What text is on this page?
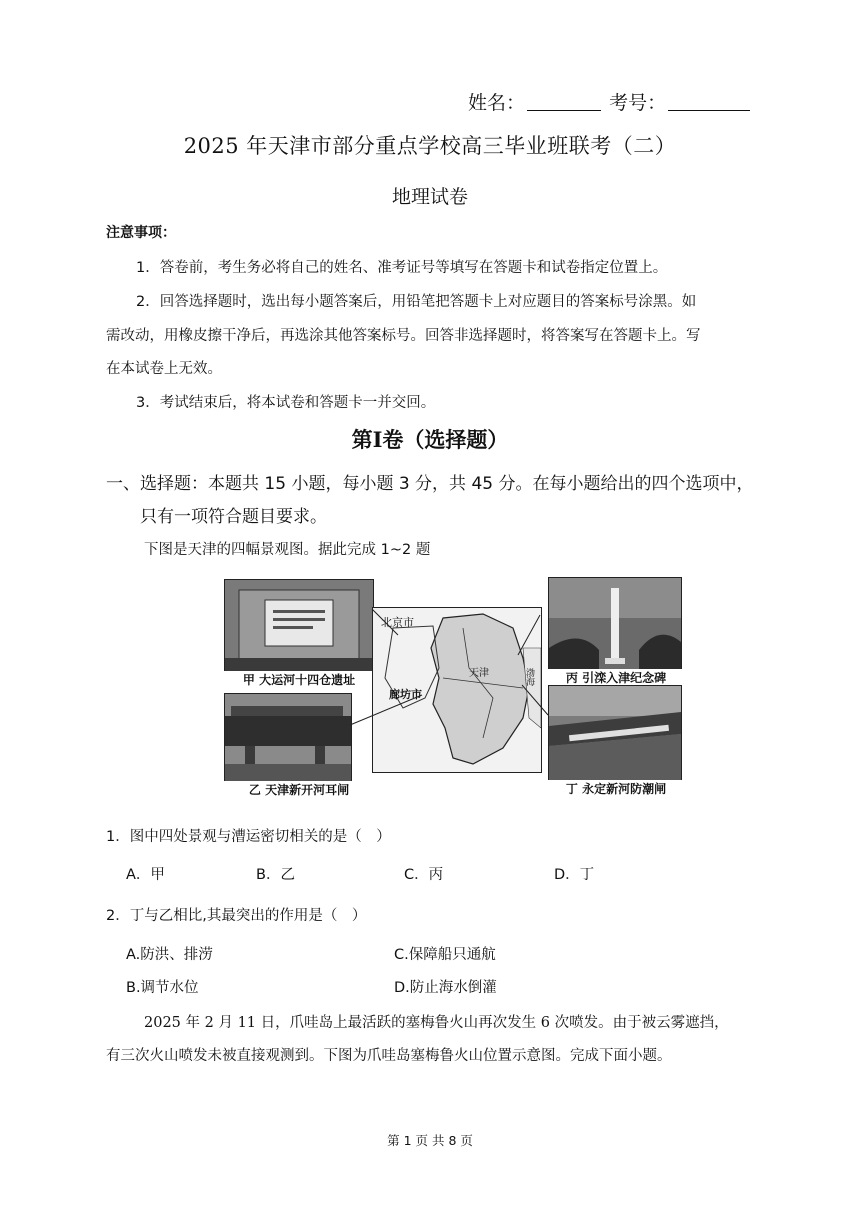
姓名：	考号：
2025 年天津市部分重点学校高三毕业班联考（二）
地理试卷
注意事项：
1．答卷前，考生务必将自己的姓名、准考证号等填写在答题卡和试卷指定位置上。
2．回答选择题时，选出每小题答案后，用铅笔把答题卡上对应题目的答案标号涂黑。如
需改动，用橡皮擦干净后，再选涂其他答案标号。回答非选择题时，将答案写在答题卡上。写
在本试卷上无效。
3．考试结束后，将本试卷和答题卡一并交回。
第Ⅰ卷（选择题）
一、选择题：本题共 15 小题，每小题 3 分，共 45 分。在每小题给出的四个选项中，
只有一项符合题目要求。
下图是天津的四幅景观图。据此完成 1~2 题
甲 大运河十四仓遗址
乙 天津新开河耳闸
北京市
廊坊市
天津	渤海	丙 引滦入津纪念碑
丁 永定新河防潮闸
1．图中四处景观与漕运密切相关的是（　）
A．甲	B．乙	C．丙	D．丁
2．丁与乙相比,其最突出的作用是（　）
A.防洪、排涝	C.保障船只通航
B.调节水位	D.防止海水倒灌
2025 年 2 月 11 日，爪哇岛上最活跃的塞梅鲁火山再次发生 6 次喷发。由于被云雾遮挡，
有三次火山喷发未被直接观测到。下图为爪哇岛塞梅鲁火山位置示意图。完成下面小题。
第 1 页 共 8 页
